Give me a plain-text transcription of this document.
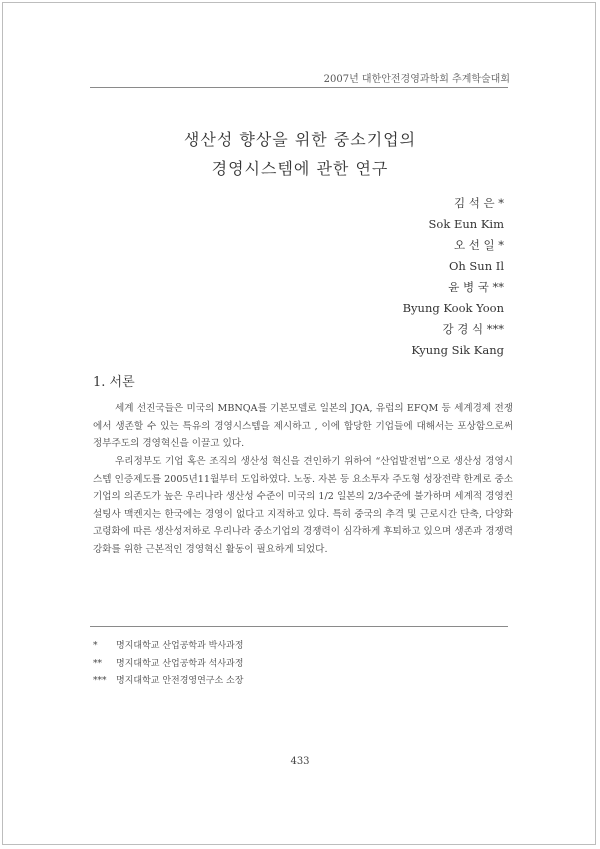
2007년 대한안전경영과학회 추계학술대회
생산성 향상을 위한 중소기업의
경영시스템에 관한 연구
김 석 은 *
Sok Eun Kim
오 선 일 *
Oh Sun Il
윤 병 국 **
Byung Kook Yoon
강 경 식 ***
Kyung Sik Kang
1. 서론

세계 선진국들은 미국의 MBNQA를 기본모델로 일본의 JQA, 유럽의 EFQM 등 세계경제 전쟁에서 생존할 수 있는 특유의 경영시스템을 제시하고 , 이에 합당한 기업들에 대해서는 포상함으로써 정부주도의 경영혁신을 이끌고 있다.

우리정부도 기업 혹은 조직의 생산성 혁신을 견인하기 위하여 “산업발전법”으로 생산성 경영시스템 인증제도를 2005년11월부터 도입하였다. 노동. 자본 등 요소투자 주도형 성장전략 한계로 중소기업의 의존도가 높은 우리나라 생산성 수준이 미국의 1/2 일본의 2/3수준에 불가하며 세계적 경영컨설팅사 맥켄지는 한국에는 경영이 없다고 지적하고 있다. 특히 중국의 추격 및 근로시간 단축, 다양화 고령화에 따른 생산성저하로 우리나라 중소기업의 경쟁력이 심각하게 후퇴하고 있으며 생존과 경쟁력 강화를 위한 근본적인 경영혁신 활동이 필요하게 되었다.

* 명지대학교 산업공학과 박사과정
** 명지대학교 산업공학과 석사과정
*** 명지대학교 안전경영연구소 소장
433
